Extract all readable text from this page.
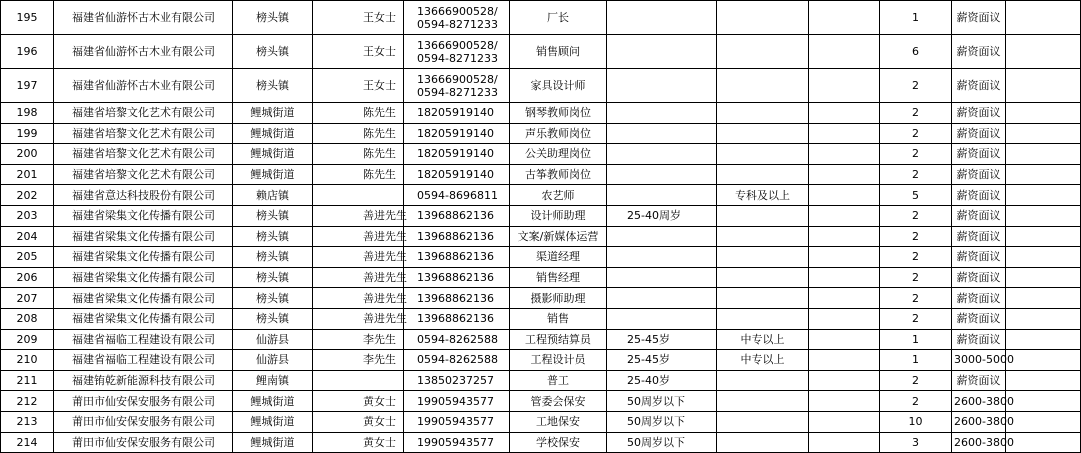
195	福建省仙游怀古木业有限公司	榜头镇	王女士	13666900528/
0594-8271233	厂长				1	薪资面议	
196	福建省仙游怀古木业有限公司	榜头镇	王女士	13666900528/
0594-8271233	销售顾问				6	薪资面议	
197	福建省仙游怀古木业有限公司	榜头镇	王女士	13666900528/
0594-8271233	家具设计师				2	薪资面议	
198	福建省培黎文化艺术有限公司	鲤城街道	陈先生	18205919140	钢琴教师岗位				2	薪资面议	
199	福建省培黎文化艺术有限公司	鲤城街道	陈先生	18205919140	声乐教师岗位				2	薪资面议	
200	福建省培黎文化艺术有限公司	鲤城街道	陈先生	18205919140	公关助理岗位				2	薪资面议	
201	福建省培黎文化艺术有限公司	鲤城街道	陈先生	18205919140	古筝教师岗位				2	薪资面议	
202	福建省意达科技股份有限公司	赖店镇		0594-8696811	农艺师		专科及以上		5	薪资面议	
203	福建省梁集文化传播有限公司	榜头镇	善进先生	13968862136	设计师助理	25-40周岁			2	薪资面议	
204	福建省梁集文化传播有限公司	榜头镇	善进先生	13968862136	文案/新媒体运营				2	薪资面议	
205	福建省梁集文化传播有限公司	榜头镇	善进先生	13968862136	渠道经理				2	薪资面议	
206	福建省梁集文化传播有限公司	榜头镇	善进先生	13968862136	销售经理				2	薪资面议	
207	福建省梁集文化传播有限公司	榜头镇	善进先生	13968862136	摄影师助理				2	薪资面议	
208	福建省梁集文化传播有限公司	榜头镇	善进先生	13968862136	销售				2	薪资面议	
209	福建省福临工程建设有限公司	仙游县	李先生	0594-8262588	工程预结算员	25-45岁	中专以上		1	薪资面议	
210	福建省福临工程建设有限公司	仙游县	李先生	0594-8262588	工程设计员	25-45岁	中专以上		1	3000-5000	
211	福建铕乾新能源科技有限公司	鲤南镇		13850237257	普工	25-40岁			2	薪资面议	
212	莆田市仙安保安服务有限公司	鲤城街道	黄女士	19905943577	管委会保安	50周岁以下			2	2600-3800	
213	莆田市仙安保安服务有限公司	鲤城街道	黄女士	19905943577	工地保安	50周岁以下			10	2600-3800	
214	莆田市仙安保安服务有限公司	鲤城街道	黄女士	19905943577	学校保安	50周岁以下			3	2600-3800	
